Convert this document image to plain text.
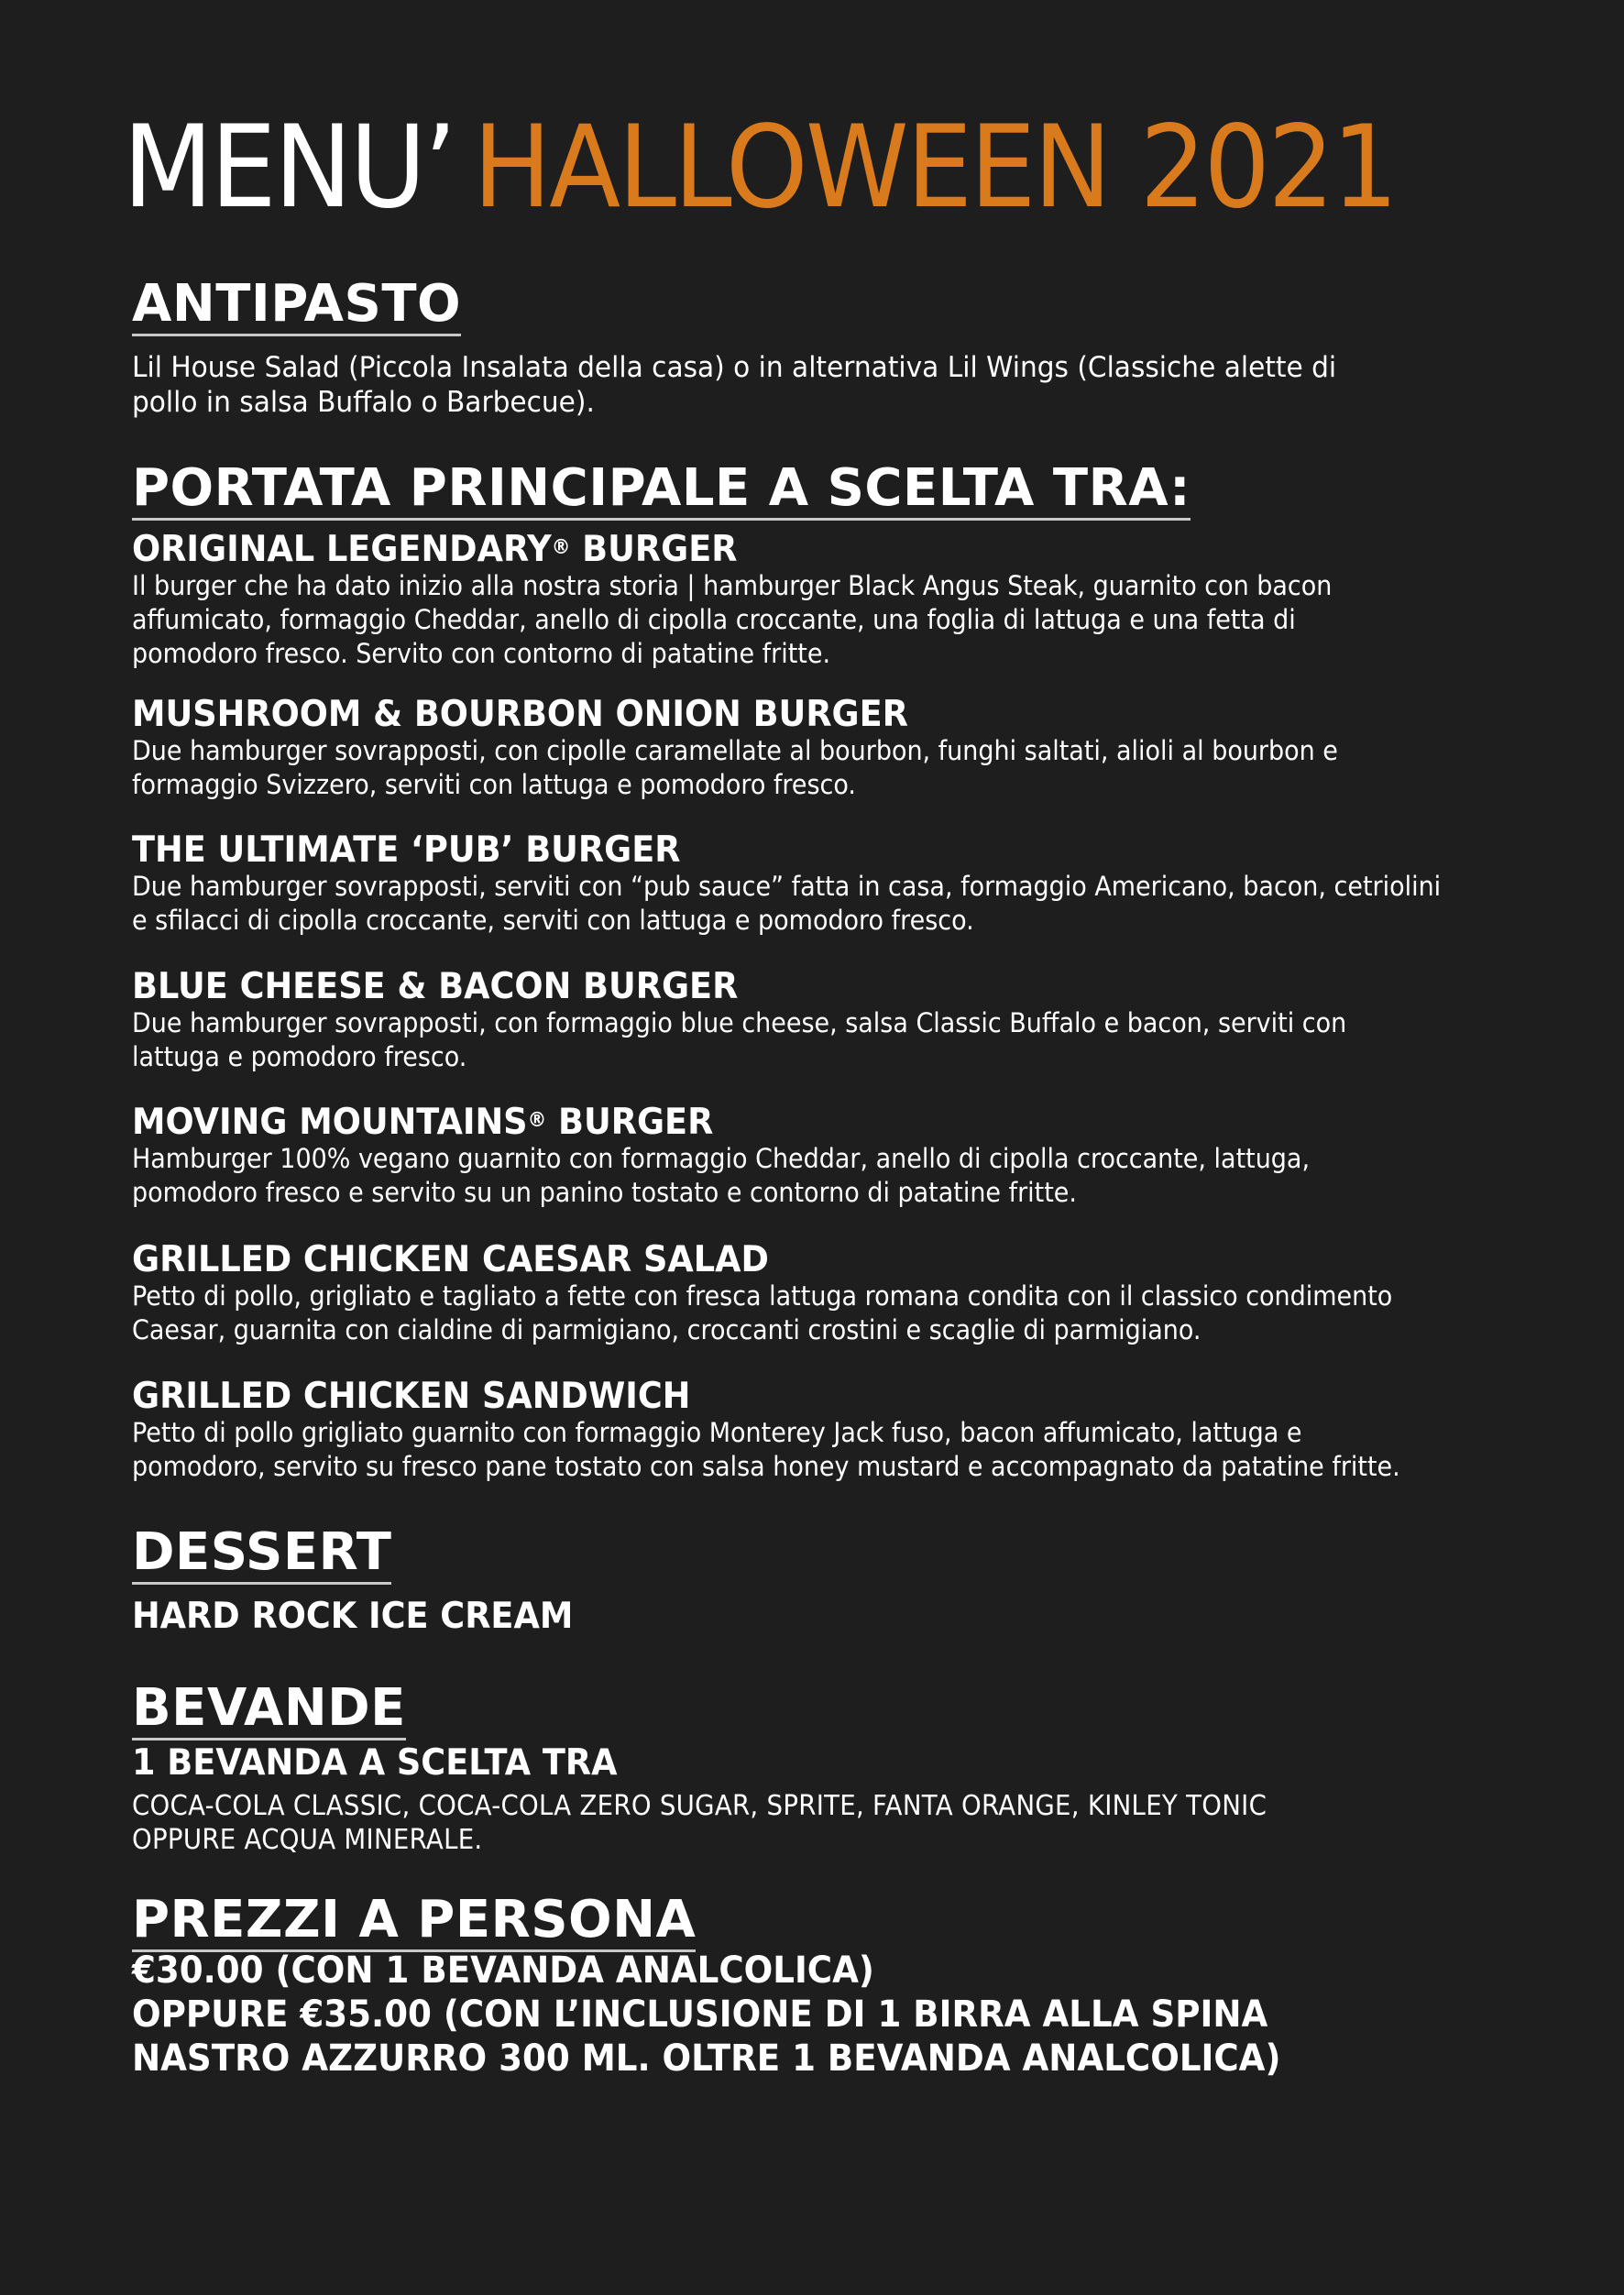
MENU’ HALLOWEEN 2021
ANTIPASTO
Lil House Salad (Piccola Insalata della casa) o in alternativa Lil Wings (Classiche alette di
pollo in salsa Buffalo o Barbecue).
PORTATA PRINCIPALE A SCELTA TRA:
ORIGINAL LEGENDARY® BURGER
Il burger che ha dato inizio alla nostra storia | hamburger Black Angus Steak, guarnito con bacon
affumicato, formaggio Cheddar, anello di cipolla croccante, una foglia di lattuga e una fetta di
pomodoro fresco. Servito con contorno di patatine fritte.
MUSHROOM & BOURBON ONION BURGER
Due hamburger sovrapposti, con cipolle caramellate al bourbon, funghi saltati, alioli al bourbon e
formaggio Svizzero, serviti con lattuga e pomodoro fresco.
THE ULTIMATE ‘PUB’ BURGER
Due hamburger sovrapposti, serviti con “pub sauce” fatta in casa, formaggio Americano, bacon, cetriolini
e sfilacci di cipolla croccante, serviti con lattuga e pomodoro fresco.
BLUE CHEESE & BACON BURGER
Due hamburger sovrapposti, con formaggio blue cheese, salsa Classic Buffalo e bacon, serviti con
lattuga e pomodoro fresco.
MOVING MOUNTAINS® BURGER
Hamburger 100% vegano guarnito con formaggio Cheddar, anello di cipolla croccante, lattuga,
pomodoro fresco e servito su un panino tostato e contorno di patatine fritte.
GRILLED CHICKEN CAESAR SALAD
Petto di pollo, grigliato e tagliato a fette con fresca lattuga romana condita con il classico condimento
Caesar, guarnita con cialdine di parmigiano, croccanti crostini e scaglie di parmigiano.
GRILLED CHICKEN SANDWICH
Petto di pollo grigliato guarnito con formaggio Monterey Jack fuso, bacon affumicato, lattuga e
pomodoro, servito su fresco pane tostato con salsa honey mustard e accompagnato da patatine fritte.
DESSERT
HARD ROCK ICE CREAM
BEVANDE
1 BEVANDA A SCELTA TRA
COCA-COLA CLASSIC, COCA-COLA ZERO SUGAR, SPRITE, FANTA ORANGE, KINLEY TONIC
OPPURE ACQUA MINERALE.
PREZZI A PERSONA
€30.00 (CON 1 BEVANDA ANALCOLICA)
OPPURE €35.00 (CON L’INCLUSIONE DI 1 BIRRA ALLA SPINA
NASTRO AZZURRO 300 ML. OLTRE 1 BEVANDA ANALCOLICA)
